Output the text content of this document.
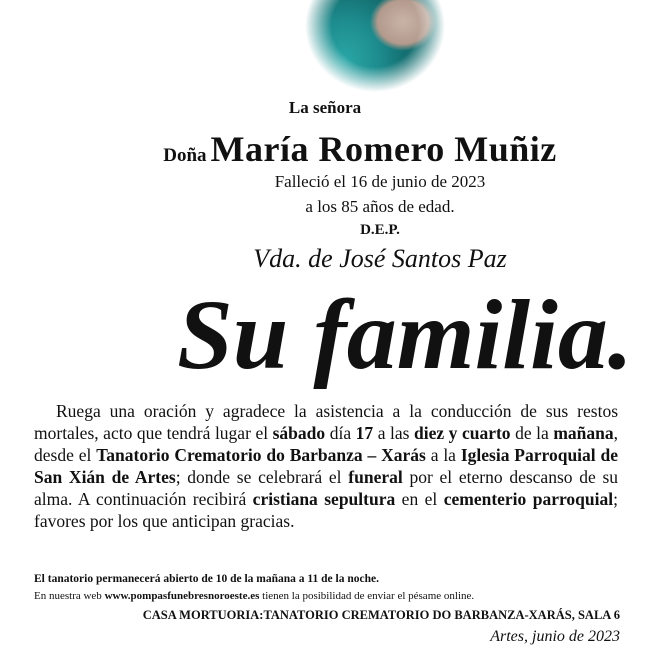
La señora
Doña María Romero Muñiz
Falleció el 16 de junio de 2023
a los 85 años de edad.
D.E.P.
Vda. de José Santos Paz
Su familia.
Ruega una oración y agradece la asistencia a la conducción de sus restos mortales, acto que tendrá lugar el sábado día 17 a las diez y cuarto de la mañana, desde el Tanatorio Crematorio do Barbanza – Xarás a la Iglesia Parroquial de San Xián de Artes; donde se celebrará el funeral por el eterno descanso de su alma. A continuación recibirá cristiana sepultura en el cementerio parroquial; favores por los que anticipan gracias.
El tanatorio permanecerá abierto de 10 de la mañana a 11 de la noche.
En nuestra web www.pompasfunebresnoroeste.es tienen la posibilidad de enviar el pésame online.
CASA MORTUORIA:TANATORIO CREMATORIO DO BARBANZA-XARÁS, SALA 6
Artes, junio de 2023
